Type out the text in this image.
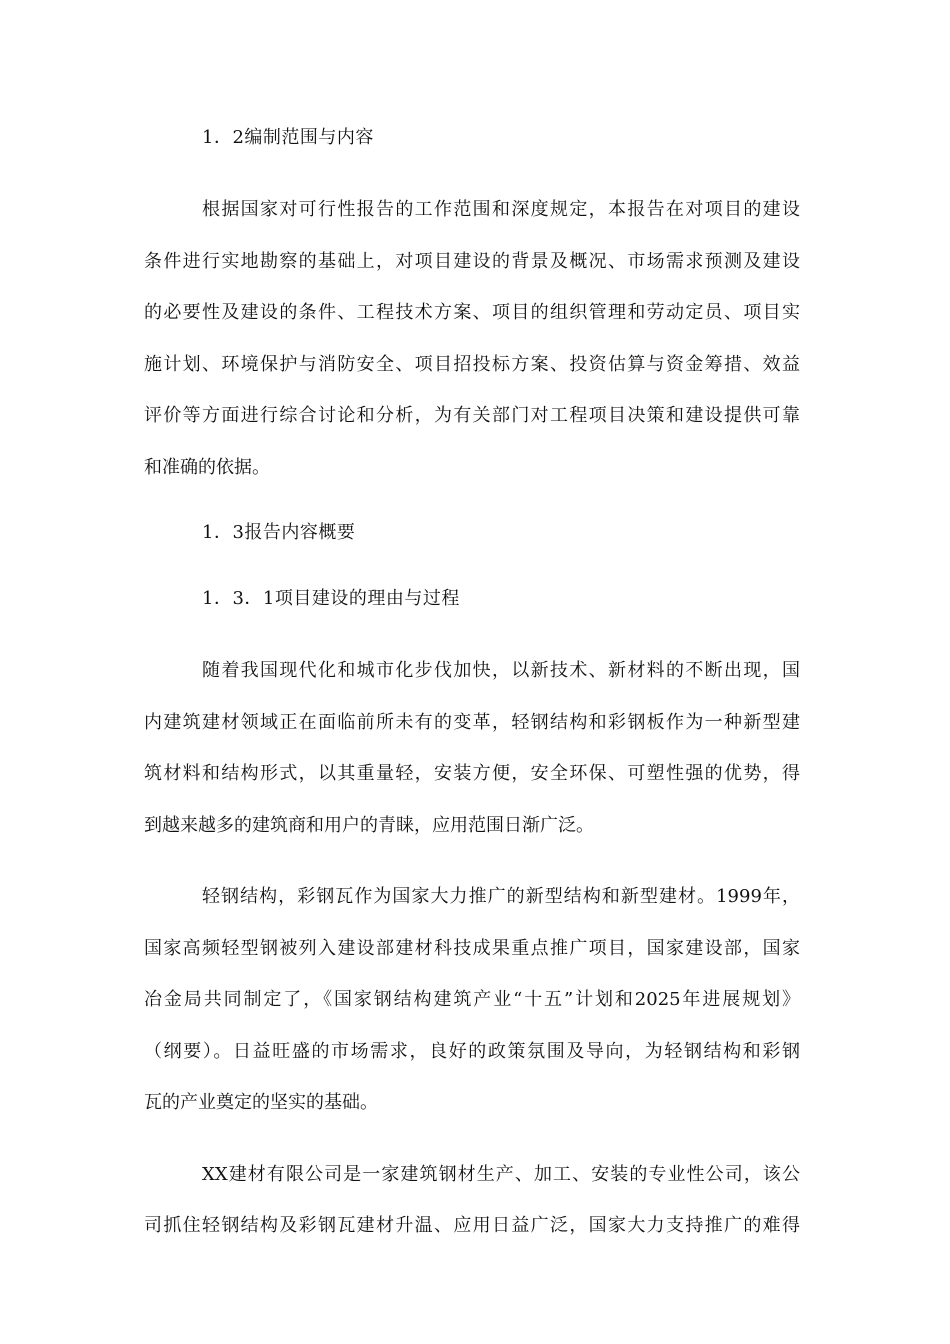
1．2编制范围与内容
根据国家对可行性报告的工作范围和深度规定，本报告在对项目的建设
条件进行实地勘察的基础上，对项目建设的背景及概况、市场需求预测及建设
的必要性及建设的条件、工程技术方案、项目的组织管理和劳动定员、项目实
施计划、环境保护与消防安全、项目招投标方案、投资估算与资金筹措、效益
评价等方面进行综合讨论和分析，为有关部门对工程项目决策和建设提供可靠
和准确的依据。
1．3报告内容概要
1．3．1项目建设的理由与过程
随着我国现代化和城市化步伐加快，以新技术、新材料的不断出现，国
内建筑建材领域正在面临前所未有的变革，轻钢结构和彩钢板作为一种新型建
筑材料和结构形式，以其重量轻，安装方便，安全环保、可塑性强的优势，得
到越来越多的建筑商和用户的青睐，应用范围日渐广泛。
轻钢结构，彩钢瓦作为国家大力推广的新型结构和新型建材。1999年，
国家高频轻型钢被列入建设部建材科技成果重点推广项目，国家建设部，国家
冶金局共同制定了，《国家钢结构建筑产业“十五”计划和2025年进展规划》
（纲要）。日益旺盛的市场需求，良好的政策氛围及导向，为轻钢结构和彩钢
瓦的产业奠定的坚实的基础。
XX建材有限公司是一家建筑钢材生产、加工、安装的专业性公司，该公
司抓住轻钢结构及彩钢瓦建材升温、应用日益广泛，国家大力支持推广的难得
